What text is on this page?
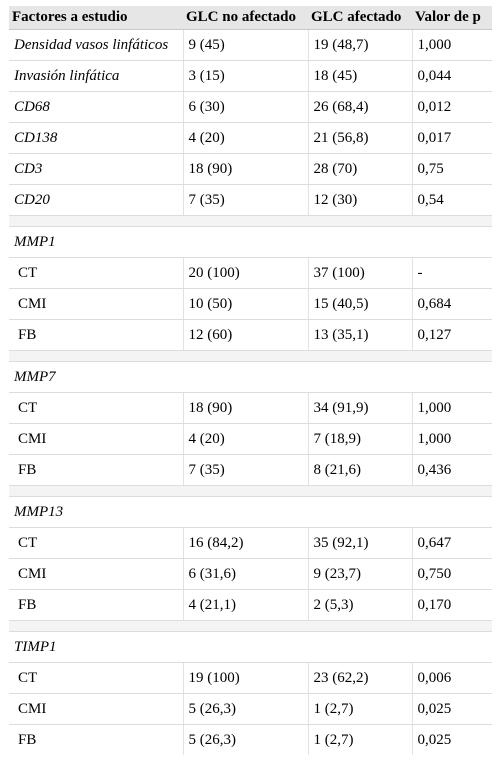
Factores a estudio	GLC no afectado	GLC afectado	Valor de p
Densidad vasos linfáticos	9 (45)	19 (48,7)	1,000
Invasión linfática	3 (15)	18 (45)	0,044
CD68	6 (30)	26 (68,4)	0,012
CD138	4 (20)	21 (56,8)	0,017
CD3	18 (90)	28 (70)	0,75
CD20	7 (35)	12 (30)	0,54

MMP1			
CT	20 (100)	37 (100)	-
CMI	10 (50)	15 (40,5)	0,684
FB	12 (60)	13 (35,1)	0,127

MMP7			
CT	18 (90)	34 (91,9)	1,000
CMI	4 (20)	7 (18,9)	1,000
FB	7 (35)	8 (21,6)	0,436

MMP13			
CT	16 (84,2)	35 (92,1)	0,647
CMI	6 (31,6)	9 (23,7)	0,750
FB	4 (21,1)	2 (5,3)	0,170

TIMP1			
CT	19 (100)	23 (62,2)	0,006
CMI	5 (26,3)	1 (2,7)	0,025
FB	5 (26,3)	1 (2,7)	0,025
